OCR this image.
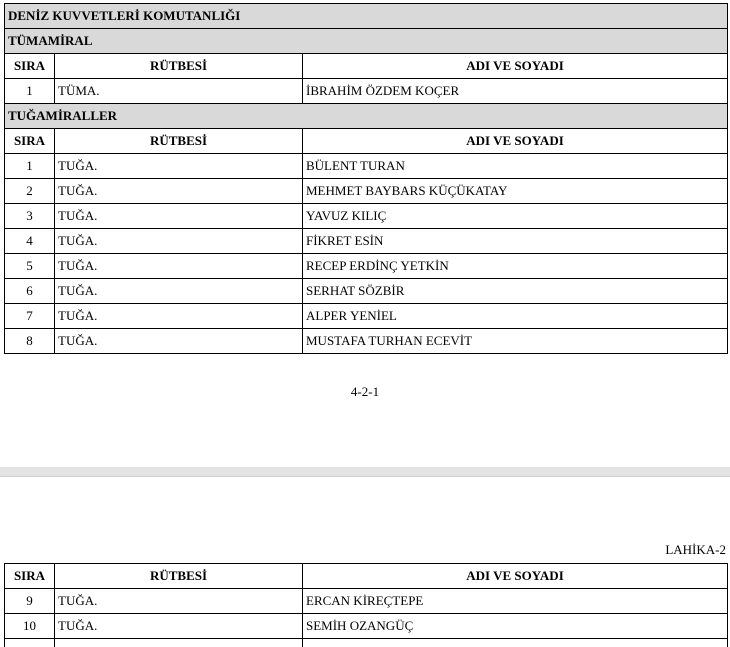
DENİZ KUVVETLERİ KOMUTANLIĞI		
TÜMAMİRAL		
SIRA	RÜTBESİ	ADI VE SOYADI
1	TÜMA.	İBRAHİM ÖZDEM KOÇER
TUĞAMİRALLER		
SIRA	RÜTBESİ	ADI VE SOYADI
1	TUĞA.	BÜLENT TURAN
2	TUĞA.	MEHMET BAYBARS KÜÇÜKATAY
3	TUĞA.	YAVUZ KILIÇ
4	TUĞA.	FİKRET ESİN
5	TUĞA.	RECEP ERDİNÇ YETKİN
6	TUĞA.	SERHAT SÖZBİR
7	TUĞA.	ALPER YENİEL
8	TUĞA.	MUSTAFA TURHAN ECEVİT
4-2-1
LAHİKA-2
SIRA	RÜTBESİ	ADI VE SOYADI
9	TUĞA.	ERCAN KİREÇTEPE
10	TUĞA.	SEMİH OZANGÜÇ
